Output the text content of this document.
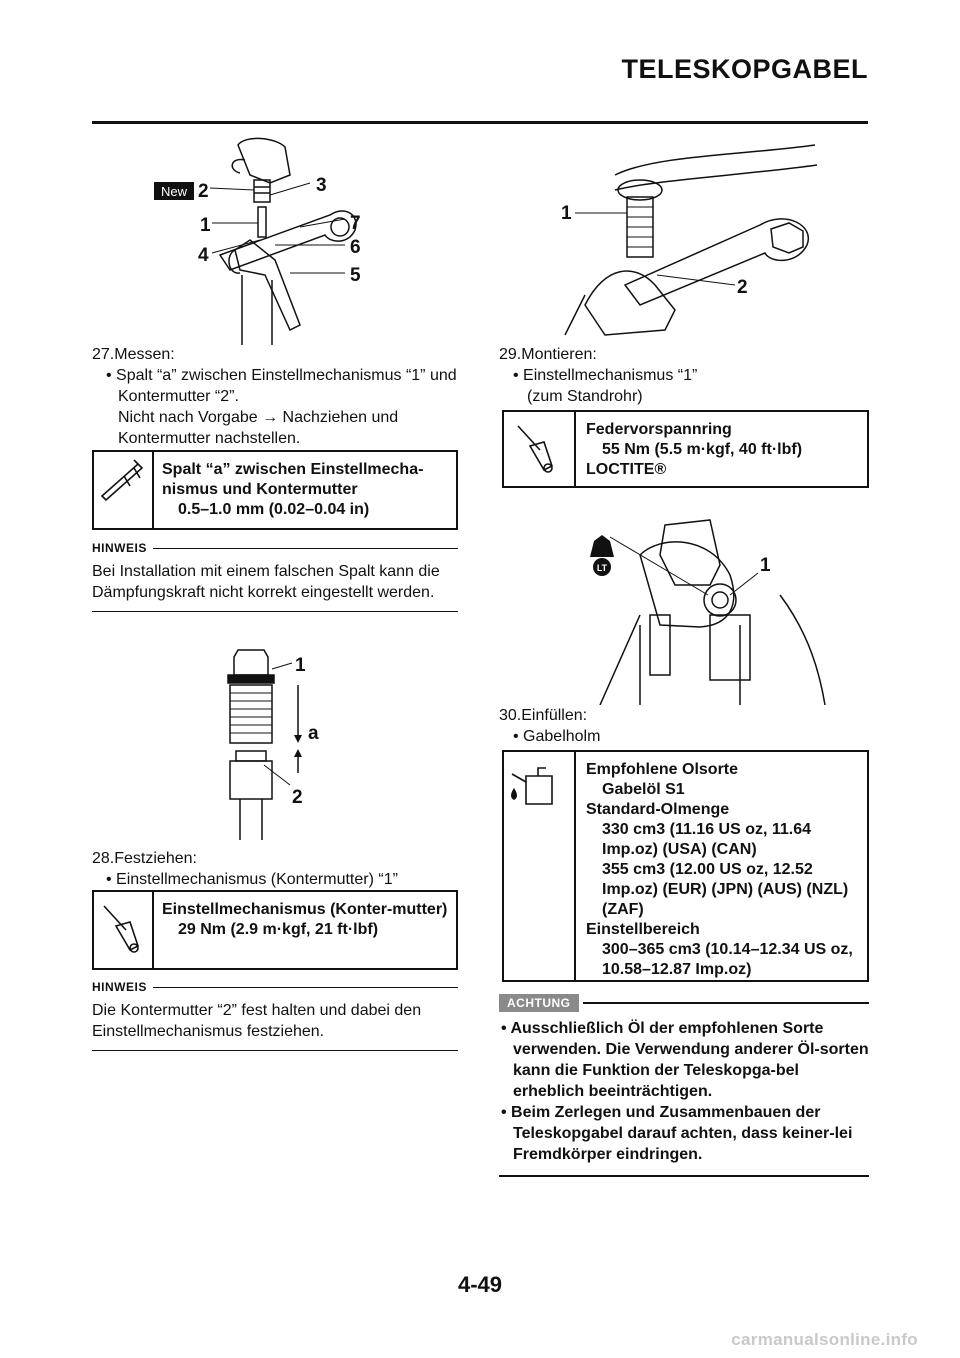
TELESKOPGABEL
New 2	3
1	7
4	6
5
27.Messen:
• Spalt “a” zwischen Einstellmechanismus “1” und Kontermutter “2”.
Nicht nach Vorgabe → Nachziehen und Kontermutter nachstellen.
Spalt “a” zwischen Einstellmecha-nismus und Kontermutter
0.5–1.0 mm (0.02–0.04 in)
HINWEIS
Bei Installation mit einem falschen Spalt kann die Dämpfungskraft nicht korrekt eingestellt werden.
1
a
2
28.Festziehen:
• Einstellmechanismus (Kontermutter) “1”
Einstellmechanismus (Konter-mutter)
29 Nm (2.9 m·kgf, 21 ft·lbf)
HINWEIS
Die Kontermutter “2” fest halten und dabei den Einstellmechanismus festziehen.
1
2
29.Montieren:
• Einstellmechanismus “1”
(zum Standrohr)
Federvorspannring
55 Nm (5.5 m·kgf, 40 ft·lbf)
LOCTITE®
LT	1
30.Einfüllen:
• Gabelholm
Empfohlene Olsorte
Gabelöl S1
Standard-Olmenge
330 cm3 (11.16 US oz, 11.64 Imp.oz) (USA) (CAN)
355 cm3 (12.00 US oz, 12.52 Imp.oz) (EUR) (JPN) (AUS) (NZL) (ZAF)
Einstellbereich
300–365 cm3 (10.14–12.34 US oz, 10.58–12.87 Imp.oz)
ACHTUNG
• Ausschließlich Öl der empfohlenen Sorte verwenden. Die Verwendung anderer Öl-sorten kann die Funktion der Teleskopga-bel erheblich beeinträchtigen.
• Beim Zerlegen und Zusammenbauen der Teleskopgabel darauf achten, dass keiner-lei Fremdkörper eindringen.
4-49
carmanualsonline.info
